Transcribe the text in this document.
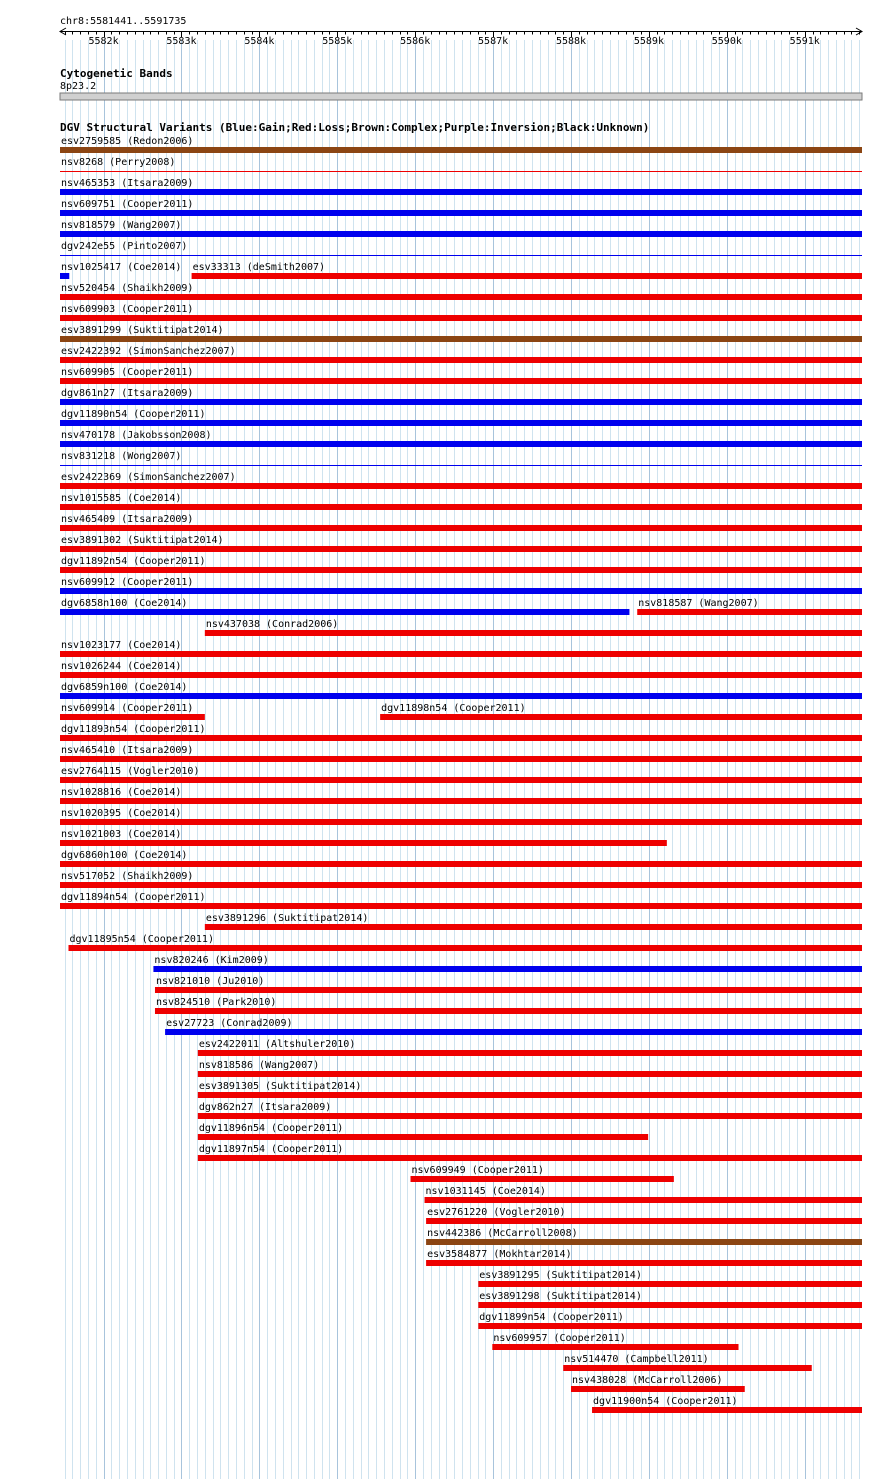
chr8:5581441..5591735
5582k	5583k	5584k	5585k	5586k	5587k	5588k	5589k	5590k	5591k
Cytogenetic Bands
8p23.2
DGV Structural Variants (Blue:Gain;Red:Loss;Brown:Complex;Purple:Inversion;Black:Unknown)
esv2759585 (Redon2006)
nsv8268 (Perry2008)
nsv465353 (Itsara2009)
nsv609751 (Cooper2011)
nsv818579 (Wang2007)
dgv242e55 (Pinto2007)
nsv1025417 (Coe2014) esv33313 (deSmith2007)
nsv520454 (Shaikh2009)
nsv609903 (Cooper2011)
esv3891299 (Suktitipat2014)
esv2422392 (SimonSanchez2007)
nsv609905 (Cooper2011)
dgv861n27 (Itsara2009)
dgv11890n54 (Cooper2011)
nsv470178 (Jakobsson2008)
nsv831218 (Wong2007)
esv2422369 (SimonSanchez2007)
nsv1015585 (Coe2014)
nsv465409 (Itsara2009)
esv3891302 (Suktitipat2014)
dgv11892n54 (Cooper2011)
nsv609912 (Cooper2011)
dgv6858n100 (Coe2014)	nsv818587 (Wang2007)
nsv437038 (Conrad2006)
nsv1023177 (Coe2014)
nsv1026244 (Coe2014)
dgv6859n100 (Coe2014)
nsv609914 (Cooper2011)	dgv11898n54 (Cooper2011)
dgv11893n54 (Cooper2011)
nsv465410 (Itsara2009)
esv2764115 (Vogler2010)
nsv1028816 (Coe2014)
nsv1020395 (Coe2014)
nsv1021003 (Coe2014)
dgv6860n100 (Coe2014)
nsv517052 (Shaikh2009)
dgv11894n54 (Cooper2011)
esv3891296 (Suktitipat2014)
dgv11895n54 (Cooper2011)
nsv820246 (Kim2009)
nsv821010 (Ju2010)
nsv824510 (Park2010)
esv27723 (Conrad2009)
esv2422011 (Altshuler2010)
nsv818586 (Wang2007)
esv3891305 (Suktitipat2014)
dgv862n27 (Itsara2009)
dgv11896n54 (Cooper2011)
dgv11897n54 (Cooper2011)
nsv609949 (Cooper2011)
nsv1031145 (Coe2014)
esv2761220 (Vogler2010)
nsv442386 (McCarroll2008)
esv3584877 (Mokhtar2014)
esv3891295 (Suktitipat2014)
esv3891298 (Suktitipat2014)
dgv11899n54 (Cooper2011)
nsv609957 (Cooper2011)
nsv514470 (Campbell2011)
nsv438028 (McCarroll2006)
dgv11900n54 (Cooper2011)
